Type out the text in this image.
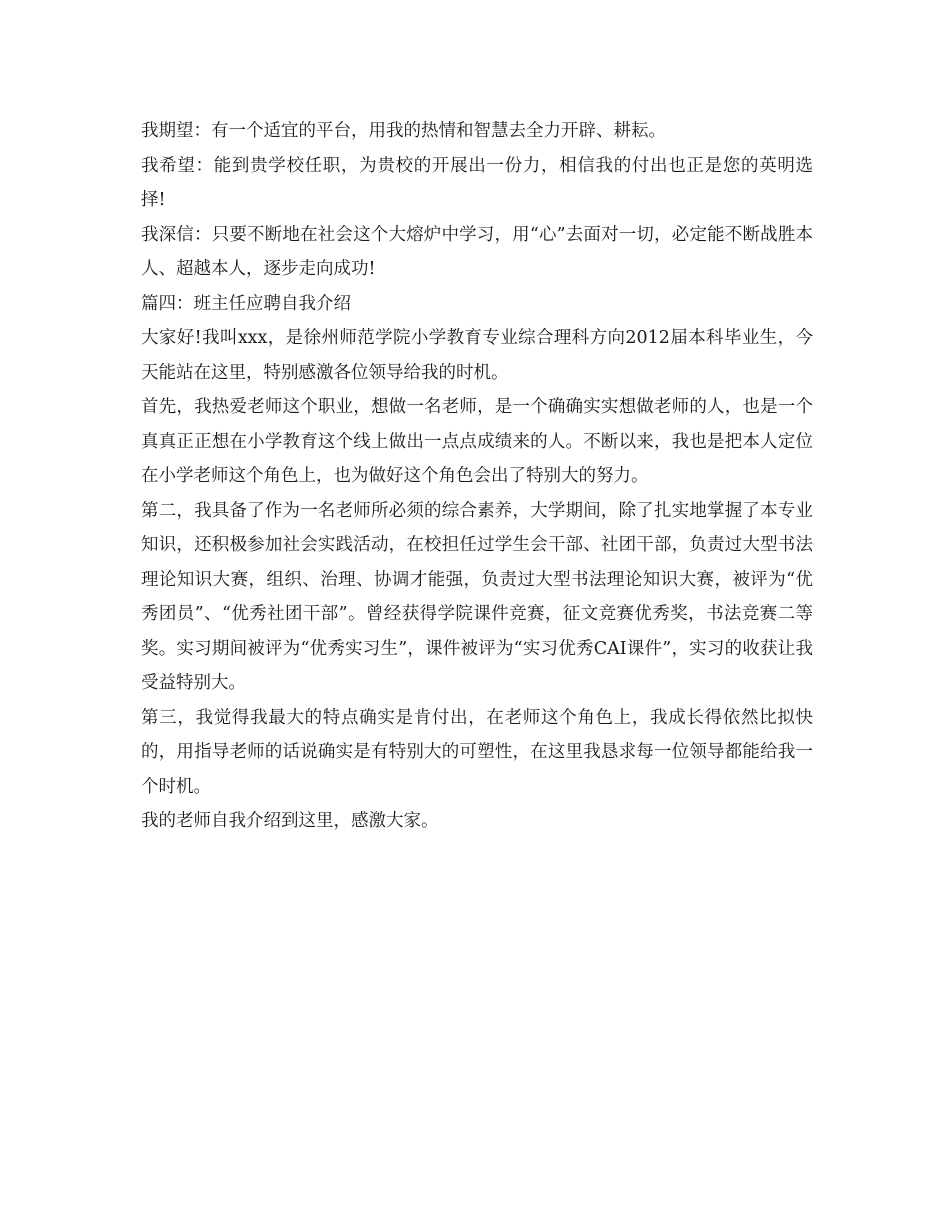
我期望：有一个适宜的平台，用我的热情和智慧去全力开辟、耕耘。

我希望：能到贵学校任职，为贵校的开展出一份力，相信我的付出也正是您的英明选择!

我深信：只要不断地在社会这个大熔炉中学习，用“心”去面对一切，必定能不断战胜本人、超越本人，逐步走向成功!

篇四：班主任应聘自我介绍

大家好!我叫xxx，是徐州师范学院小学教育专业综合理科方向2012届本科毕业生，今天能站在这里，特别感激各位领导给我的时机。

首先，我热爱老师这个职业，想做一名老师，是一个确确实实想做老师的人，也是一个真真正正想在小学教育这个线上做出一点点成绩来的人。不断以来，我也是把本人定位在小学老师这个角色上，也为做好这个角色会出了特别大的努力。

第二，我具备了作为一名老师所必须的综合素养，大学期间，除了扎实地掌握了本专业知识，还积极参加社会实践活动，在校担任过学生会干部、社团干部，负责过大型书法理论知识大赛，组织、治理、协调才能强，负责过大型书法理论知识大赛，被评为“优秀团员”、“优秀社团干部”。曾经获得学院课件竞赛，征文竞赛优秀奖，书法竞赛二等奖。实习期间被评为“优秀实习生”，课件被评为“实习优秀CAI课件”，实习的收获让我受益特别大。

第三，我觉得我最大的特点确实是肯付出，在老师这个角色上，我成长得依然比拟快的，用指导老师的话说确实是有特别大的可塑性，在这里我恳求每一位领导都能给我一个时机。

我的老师自我介绍到这里，感激大家。
